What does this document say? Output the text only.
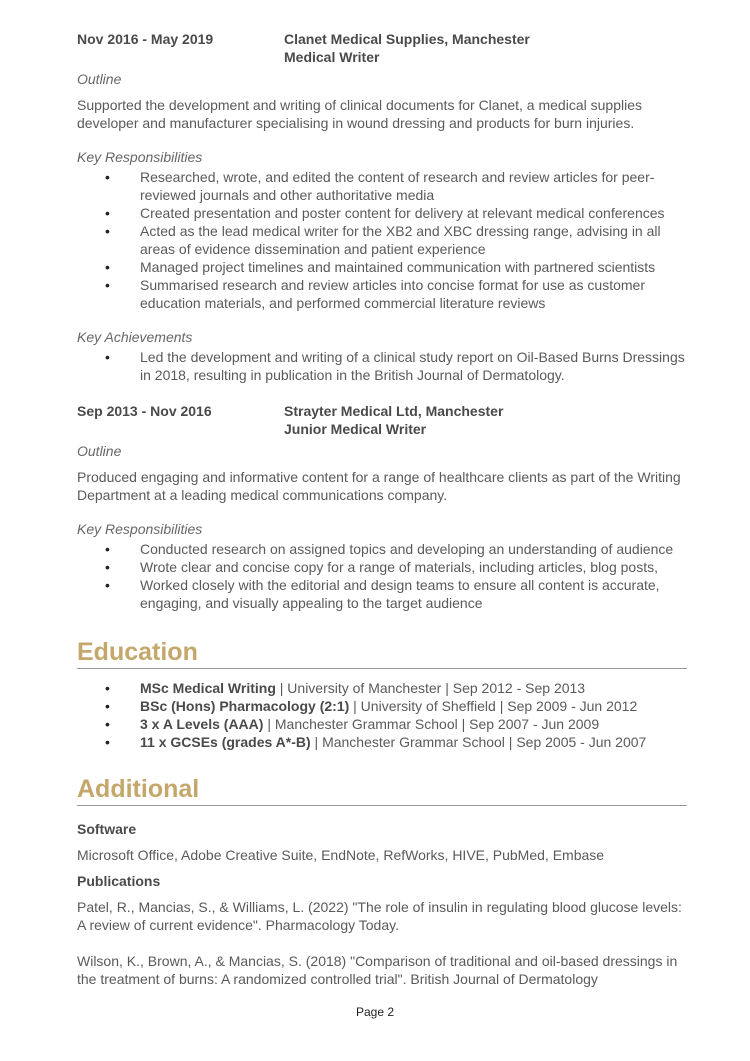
Nov 2016 - May 2019	Clanet Medical Supplies, Manchester
Medical Writer
Outline
Supported the development and writing of clinical documents for Clanet, a medical supplies developer and manufacturer specialising in wound dressing and products for burn injuries.
Key Responsibilities
• Researched, wrote, and edited the content of research and review articles for peer-reviewed journals and other authoritative media
• Created presentation and poster content for delivery at relevant medical conferences
• Acted as the lead medical writer for the XB2 and XBC dressing range, advising in all areas of evidence dissemination and patient experience
• Managed project timelines and maintained communication with partnered scientists
• Summarised research and review articles into concise format for use as customer education materials, and performed commercial literature reviews
Key Achievements
• Led the development and writing of a clinical study report on Oil-Based Burns Dressings in 2018, resulting in publication in the British Journal of Dermatology.
Sep 2013 - Nov 2016	Strayter Medical Ltd, Manchester
Junior Medical Writer
Outline
Produced engaging and informative content for a range of healthcare clients as part of the Writing Department at a leading medical communications company.
Key Responsibilities
• Conducted research on assigned topics and developing an understanding of audience
• Wrote clear and concise copy for a range of materials, including articles, blog posts,
• Worked closely with the editorial and design teams to ensure all content is accurate, engaging, and visually appealing to the target audience
Education
• MSc Medical Writing | University of Manchester | Sep 2012 - Sep 2013
• BSc (Hons) Pharmacology (2:1) | University of Sheffield | Sep 2009 - Jun 2012
• 3 x A Levels (AAA) | Manchester Grammar School | Sep 2007 - Jun 2009
• 11 x GCSEs (grades A*-B) | Manchester Grammar School | Sep 2005 - Jun 2007
Additional
Software
Microsoft Office, Adobe Creative Suite, EndNote, RefWorks, HIVE, PubMed, Embase
Publications
Patel, R., Mancias, S., & Williams, L. (2022) "The role of insulin in regulating blood glucose levels: A review of current evidence". Pharmacology Today.
Wilson, K., Brown, A., & Mancias, S. (2018) "Comparison of traditional and oil-based dressings in the treatment of burns: A randomized controlled trial". British Journal of Dermatology
Page 2
